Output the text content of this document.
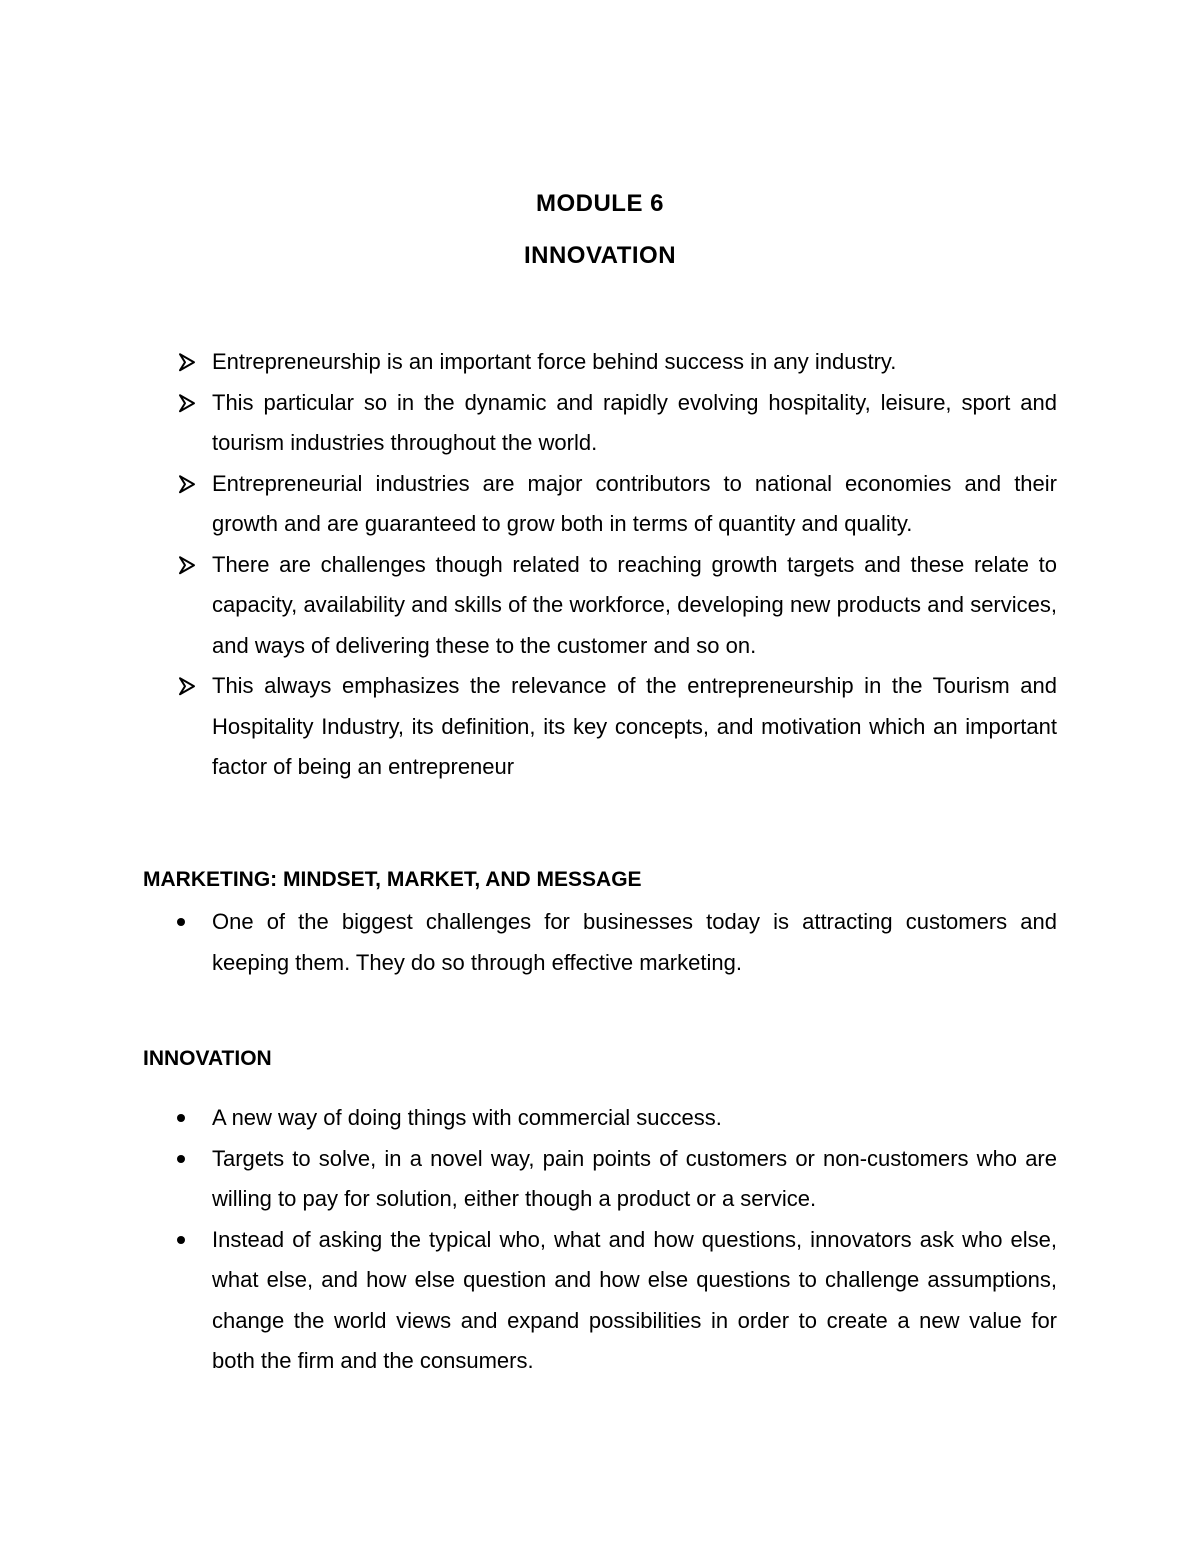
MODULE 6
INNOVATION
Entrepreneurship is an important force behind success in any industry.
This particular so in the dynamic and rapidly evolving hospitality, leisure, sport and tourism industries throughout the world.
Entrepreneurial industries are major contributors to national economies and their growth and are guaranteed to grow both in terms of quantity and quality.
There are challenges though related to reaching growth targets and these relate to capacity, availability and skills of the workforce, developing new products and services, and ways of delivering these to the customer and so on.
This always emphasizes the relevance of the entrepreneurship in the Tourism and Hospitality Industry, its definition, its key concepts, and motivation which an important factor of being an entrepreneur
MARKETING: MINDSET, MARKET, AND MESSAGE
One of the biggest challenges for businesses today is attracting customers and keeping them. They do so through effective marketing.
INNOVATION
A new way of doing things with commercial success.
Targets to solve, in a novel way, pain points of customers or non-customers who are willing to pay for solution, either though a product or a service.
Instead of asking the typical who, what and how questions, innovators ask who else, what else, and how else question and how else questions to challenge assumptions, change the world views and expand possibilities in order to create a new value for both the firm and the consumers.
